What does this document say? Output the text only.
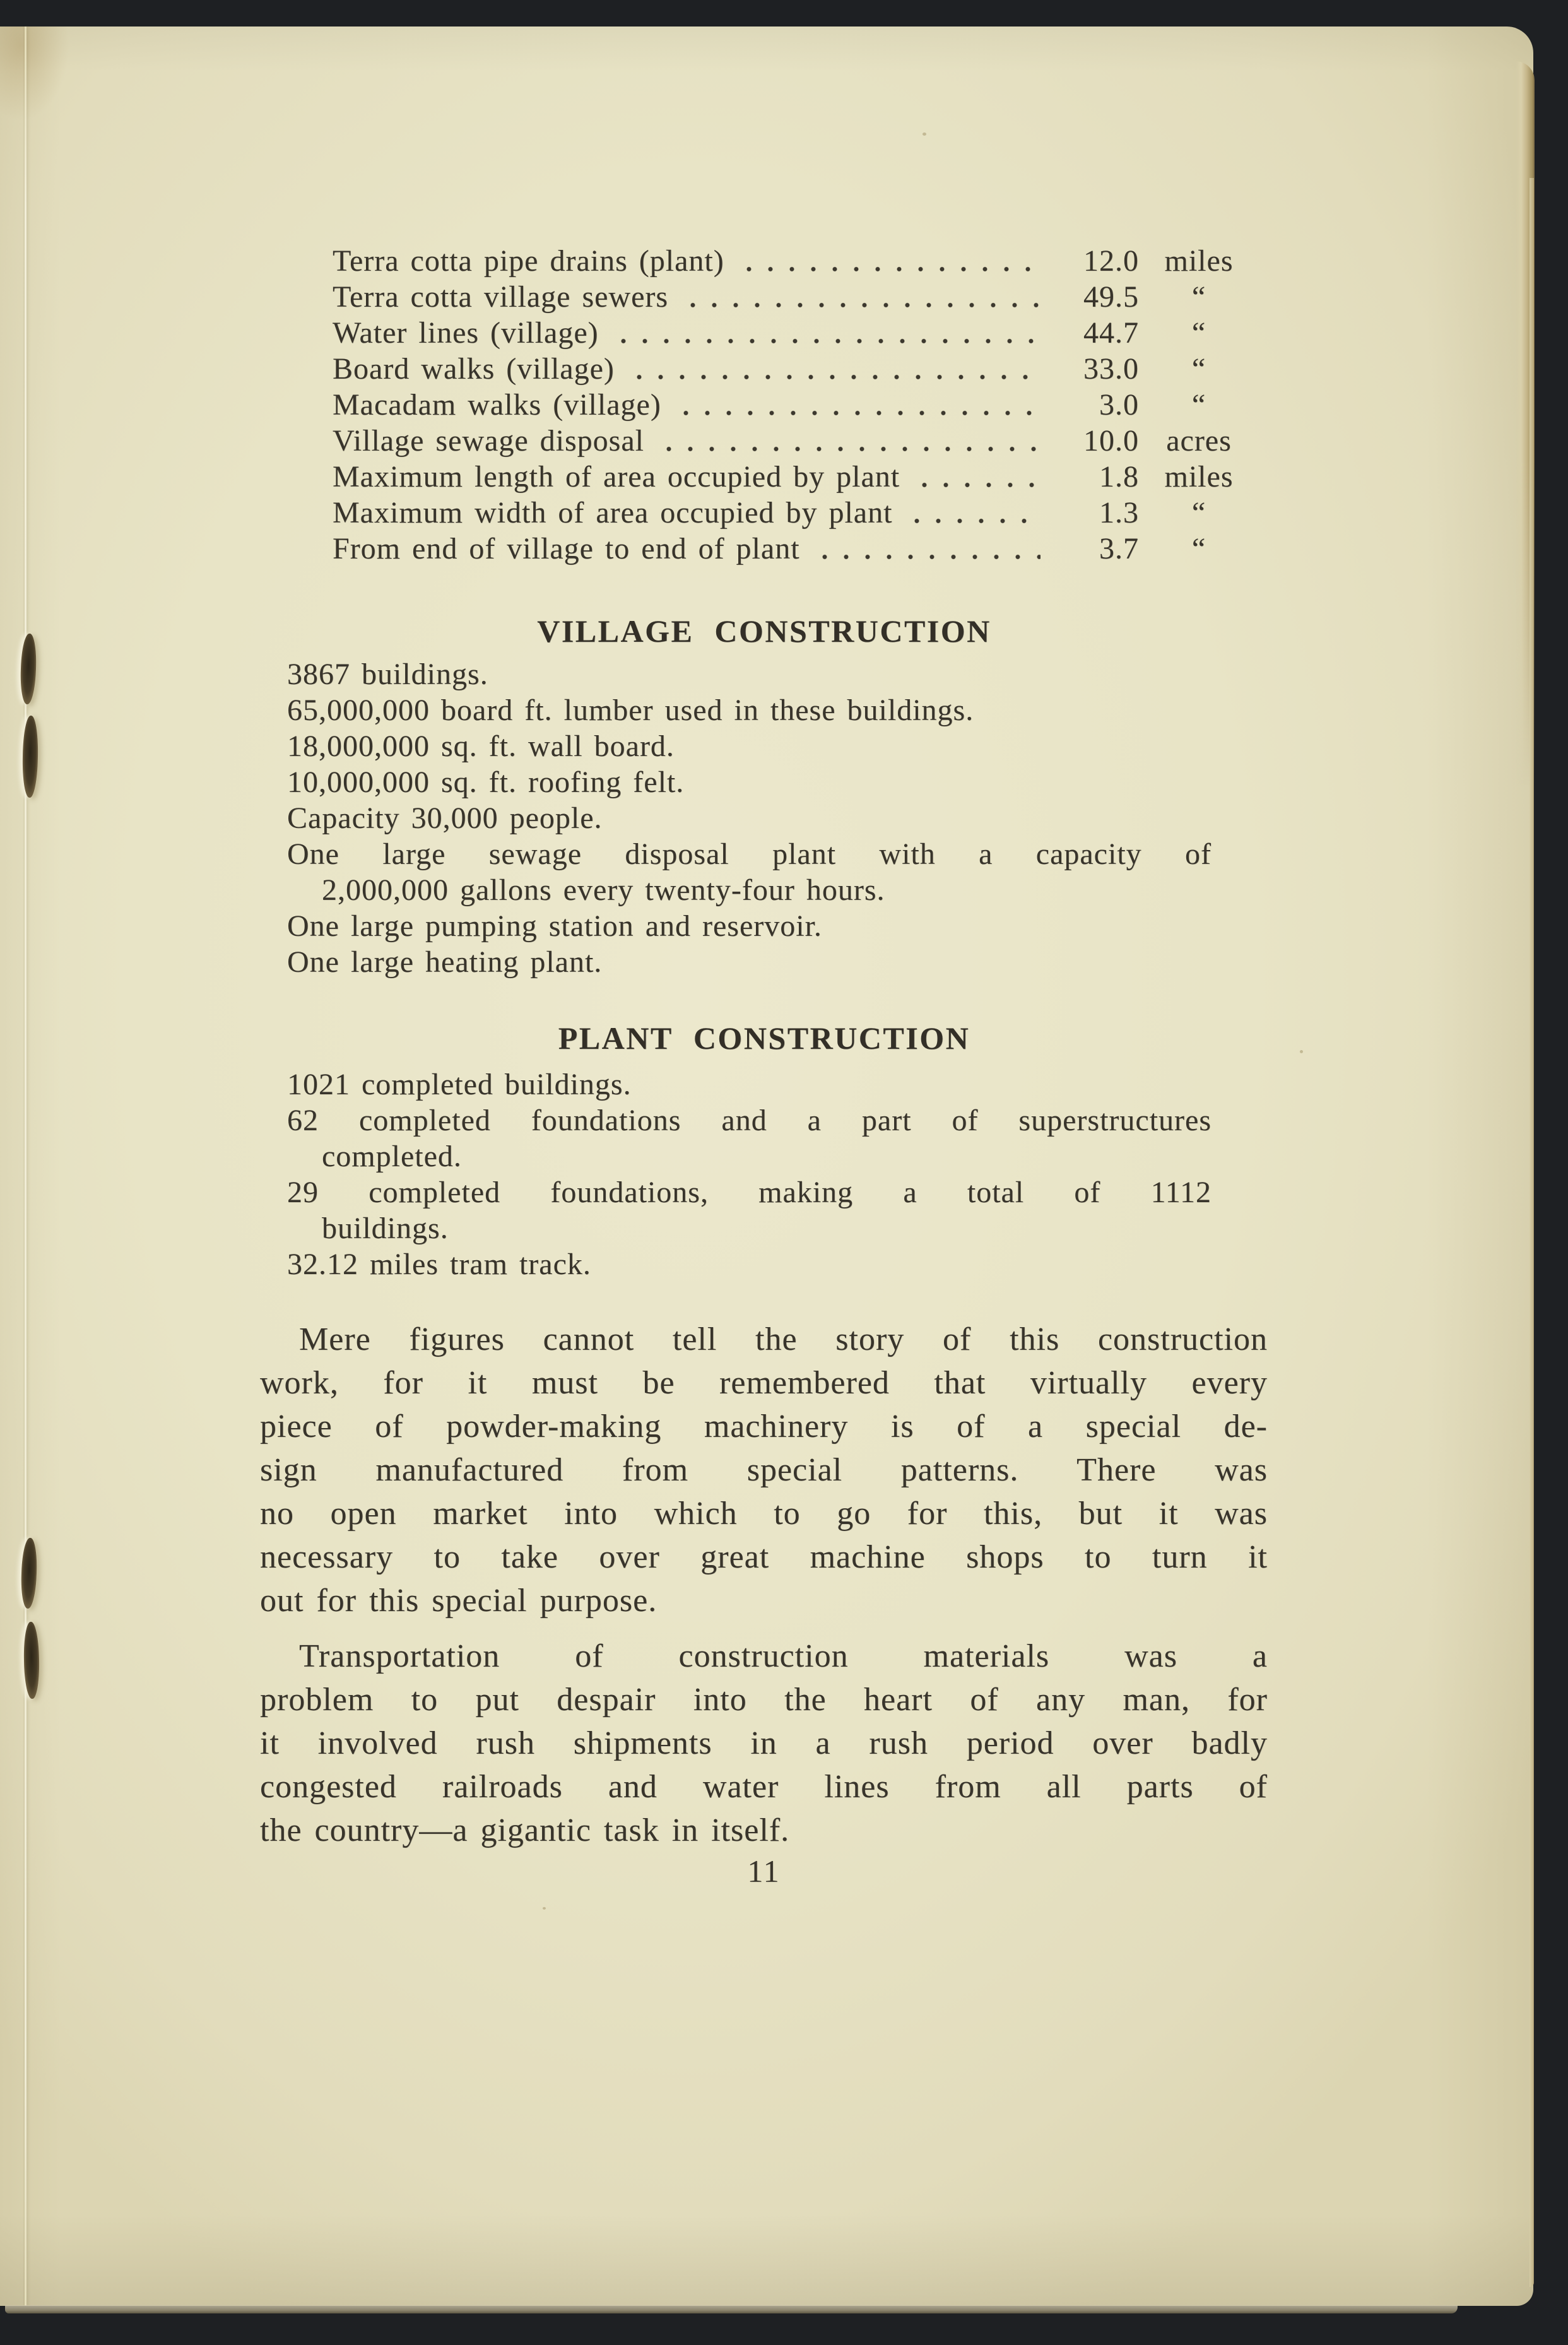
Terra cotta pipe drains (plant)	12.0 miles
Terra cotta village sewers	49.5	“
Water lines (village)	44.7	“
Board walks (village)	33.0	“
Macadam walks (village)	3.0	“
Village sewage disposal	10.0 acres
Maximum length of area occupied by plant	1.8 miles
Maximum width of area occupied by plant	1.3	“
From end of village to end of plant	3.7	“
VILLAGE CONSTRUCTION
3867 buildings.
65,000,000 board ft. lumber used in these buildings.
18,000,000 sq. ft. wall board.
10,000,000 sq. ft. roofing felt.
Capacity 30,000 people.
One large sewage disposal plant with a capacity of
2,000,000 gallons every twenty-four hours.
One large pumping station and reservoir.
One large heating plant.
PLANT CONSTRUCTION
1021 completed buildings.
62 completed foundations and a part of superstructures
completed.
29 completed foundations, making a total of 1112
buildings.
32.12 miles tram track.
Mere figures cannot tell the story of this construction
work, for it must be remembered that virtually every
piece of powder-making machinery is of a special de-
sign manufactured from special patterns. There was
no open market into which to go for this, but it was
necessary to take over great machine shops to turn it
out for this special purpose.
Transportation of construction materials was a
problem to put despair into the heart of any man, for
it involved rush shipments in a rush period over badly
congested railroads and water lines from all parts of
the country—a gigantic task in itself.
11
